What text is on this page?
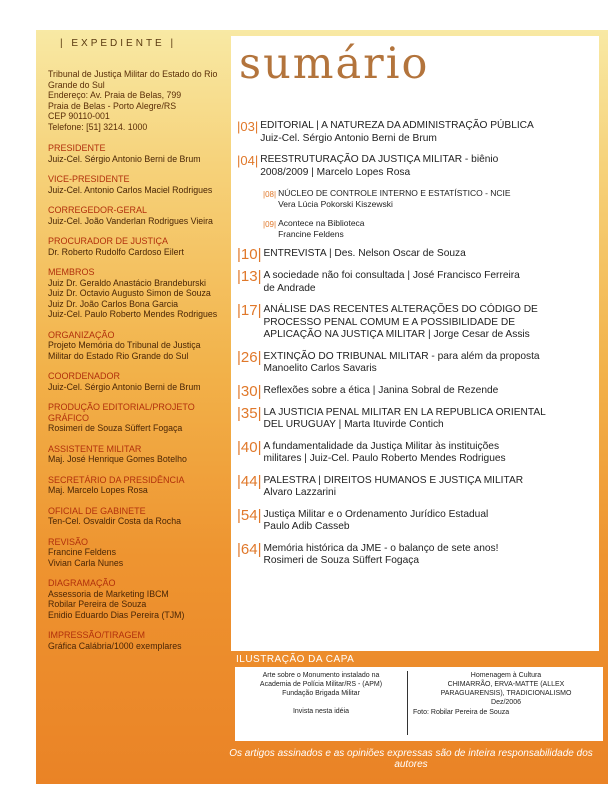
| EXPEDIENTE |
Tribunal de Justiça Militar do Estado do Rio
Grande do Sul
Endereço: Av. Praia de Belas, 799
Praia de Belas - Porto Alegre/RS
CEP 90110-001
Telefone: [51] 3214. 1000
PRESIDENTE
Juiz-Cel. Sérgio Antonio Berni de Brum
VICE-PRESIDENTE
Juiz-Cel. Antonio Carlos Maciel Rodrigues
CORREGEDOR-GERAL
Juiz-Cel. João Vanderlan Rodrigues Vieira
PROCURADOR DE JUSTIÇA
Dr. Roberto Rudolfo Cardoso Eilert
MEMBROS
Juiz Dr. Geraldo Anastácio Brandeburski
Juiz Dr. Octavio Augusto Simon de Souza
Juiz Dr. João Carlos Bona Garcia
Juiz-Cel. Paulo Roberto Mendes Rodrigues
ORGANIZAÇÃO
Projeto Memória do Tribunal de Justiça
Militar do Estado Rio Grande do Sul
COORDENADOR
Juiz-Cel. Sérgio Antonio Berni de Brum
PRODUÇÃO EDITORIAL/PROJETO GRÁFICO
Rosimeri de Souza Süffert Fogaça
ASSISTENTE MILITAR
Maj. José Henrique Gomes Botelho
SECRETÁRIO DA PRESIDÊNCIA
Maj. Marcelo Lopes Rosa
OFICIAL DE GABINETE
Ten-Cel. Osvaldir Costa da Rocha
REVISÃO
Francine Feldens
Vivian Carla Nunes
DIAGRAMAÇÃO
Assessoria de Marketing IBCM
Robilar Pereira de Souza
Enidio Eduardo Dias Pereira (TJM)
IMPRESSÃO/TIRAGEM
Gráfica Calábria/1000 exemplares
sumário
|03| EDITORIAL | A NATUREZA DA ADMINISTRAÇÃO PÚBLICA
Juiz-Cel. Sérgio Antonio Berni de Brum
|04| REESTRUTURAÇÃO DA JUSTIÇA MILITAR - biênio
2008/2009 | Marcelo Lopes Rosa
|08| NÚCLEO DE CONTROLE INTERNO E ESTATÍSTICO - NCIE
Vera Lúcia Pokorski Kiszewski
|09| Acontece na Biblioteca
Francine Feldens
|10| ENTREVISTA | Des. Nelson Oscar de Souza
|13| A sociedade não foi consultada | José Francisco Ferreira
de Andrade
|17| ANÁLISE DAS RECENTES ALTERAÇÕES DO CÓDIGO DE
PROCESSO PENAL COMUM E A POSSIBILIDADE DE
APLICAÇÃO NA JUSTIÇA MILITAR | Jorge Cesar de Assis
|26| EXTINÇÃO DO TRIBUNAL MILITAR - para além da proposta
Manoelito Carlos Savaris
|30| Reflexões sobre a ética | Janina Sobral de Rezende
|35| LA JUSTICIA PENAL MILITAR EN LA REPUBLICA ORIENTAL
DEL URUGUAY | Marta Ituvirde Contich
|40| A fundamentalidade da Justiça Militar às instituições
militares | Juiz-Cel. Paulo Roberto Mendes Rodrigues
|44| PALESTRA | DIREITOS HUMANOS E JUSTIÇA MILITAR
Alvaro Lazzarini
|54| Justiça Militar e o Ordenamento Jurídico Estadual
Paulo Adib Casseb
|64| Memória histórica da JME - o balanço de sete anos!
Rosimeri de Souza Süffert Fogaça
ILUSTRAÇÃO DA CAPA
Arte sobre o Monumento instalado na
Academia de Polícia Militar/RS - (APM)
Fundação Brigada Militar

Invista nesta idéia
Homenagem à Cultura
CHIMARRÃO, ERVA-MATTE (ALLEX
PARAGUARENSIS), TRADICIONALISMO
Dez/2006
Foto: Robilar Pereira de Souza
Os artigos assinados e as opiniões expressas são de inteira responsabilidade dos autores
